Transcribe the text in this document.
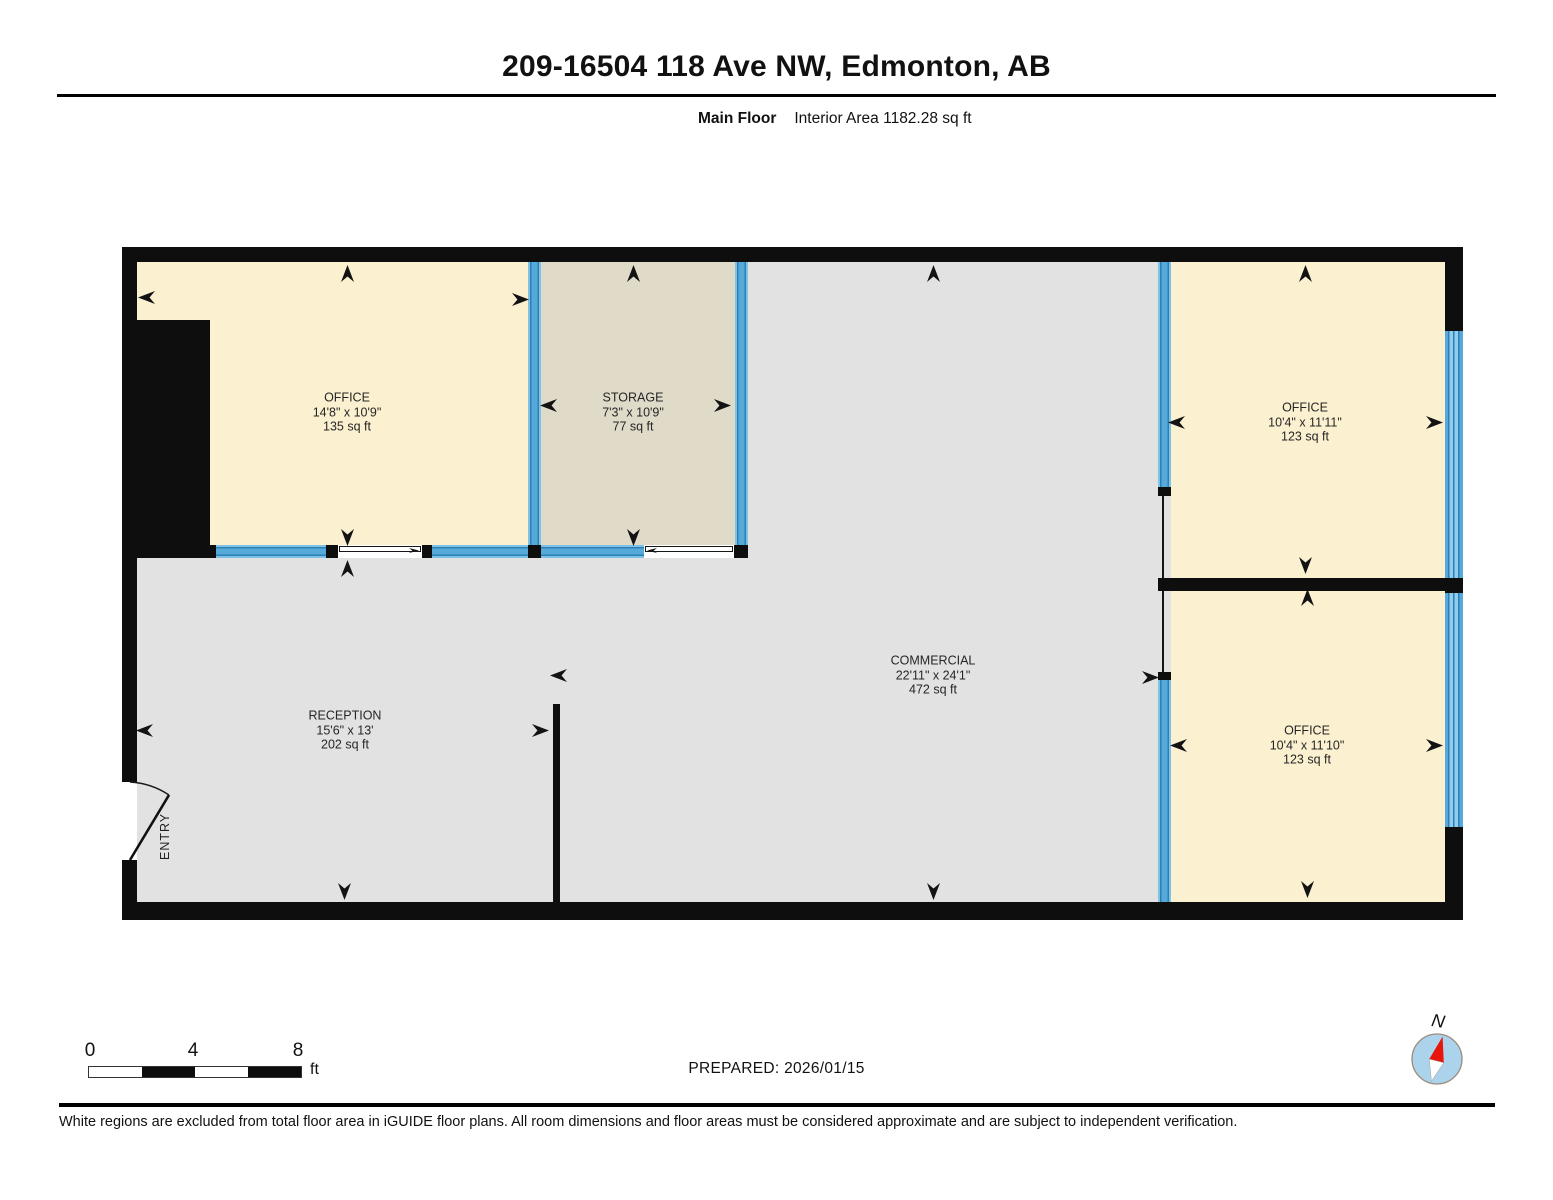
209-16504 118 Ave NW, Edmonton, AB
Main Floor Interior Area 1182.28 sq ft
ENTRY
OFFICE
14'8" x 10'9"
135 sq ft
STORAGE
7'3" x 10'9"
77 sq ft
COMMERCIAL
22'11" x 24'1"
472 sq ft
RECEPTION
15'6" x 13'
202 sq ft
OFFICE
10'4" x 11'11"
123 sq ft
OFFICE
10'4" x 11'10"
123 sq ft
0	4	8
ft	PREPARED: 2026/01/15
N
White regions are excluded from total floor area in iGUIDE floor plans. All room dimensions and floor areas must be considered approximate and are subject to independent verification.
